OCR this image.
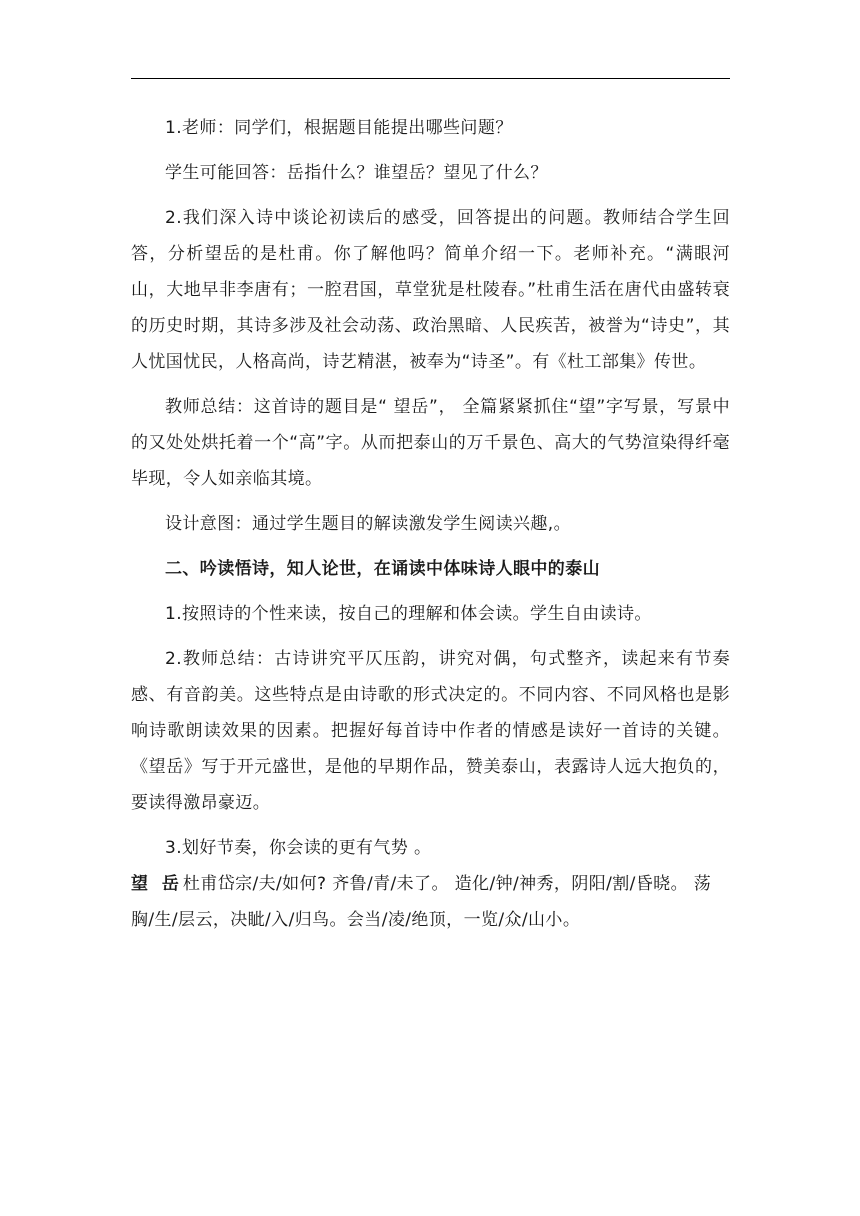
1.老师：同学们，根据题目能提出哪些问题？

学生可能回答：岳指什么？谁望岳？望见了什么？

2.我们深入诗中谈论初读后的感受，回答提出的问题。教师结合学生回答，分析望岳的是杜甫。你了解他吗？简单介绍一下。老师补充。“满眼河山，大地早非李唐有；一腔君国，草堂犹是杜陵春。”杜甫生活在唐代由盛转衰的历史时期，其诗多涉及社会动荡、政治黑暗、人民疾苦，被誉为“诗史”，其人忧国忧民，人格高尚，诗艺精湛，被奉为“诗圣”。有《杜工部集》传世。

教师总结：这首诗的题目是“ 望岳”， 全篇紧紧抓住“望”字写景，写景中的又处处烘托着一个“高”字。从而把泰山的万千景色、高大的气势渲染得纤毫毕现，令人如亲临其境。

设计意图：通过学生题目的解读激发学生阅读兴趣,。

二、吟读悟诗，知人论世，在诵读中体味诗人眼中的泰山

1.按照诗的个性来读，按自己的理解和体会读。学生自由读诗。

2.教师总结：古诗讲究平仄压韵，讲究对偶，句式整齐，读起来有节奏感、有音韵美。这些特点是由诗歌的形式决定的。不同内容、不同风格也是影响诗歌朗读效果的因素。把握好每首诗中作者的情感是读好一首诗的关键。《望岳》写于开元盛世，是他的早期作品，赞美泰山，表露诗人远大抱负的，要读得激昂豪迈。

3.划好节奏，你会读的更有气势 。

望 岳杜甫岱宗/夫/如何? 齐鲁/青/未了。 造化/钟/神秀，阴阳/割/昏晓。 荡胸/生/层云，决眦/入/归鸟。会当/凌/绝顶，一览/众/山小。
